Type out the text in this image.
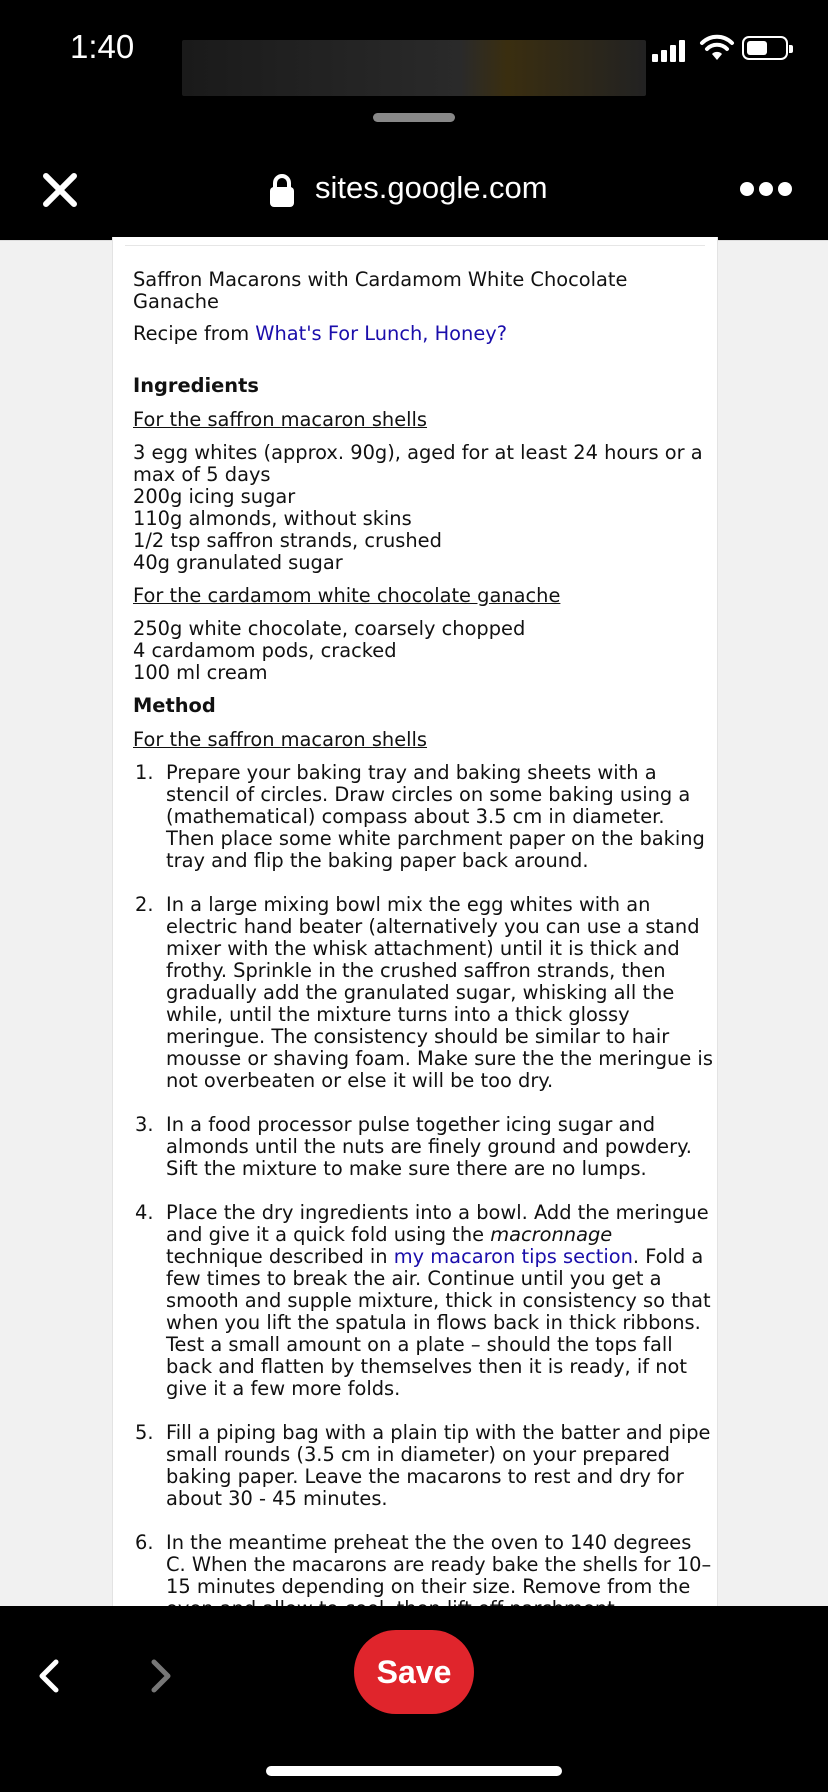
1:40
sites.google.com

Saffron Macarons with Cardamom White Chocolate Ganache

Recipe from What's For Lunch, Honey?

Ingredients

For the saffron macaron shells

3 egg whites (approx. 90g), aged for at least 24 hours or a
max of 5 days
200g icing sugar
110g almonds, without skins
1/2 tsp saffron strands, crushed
40g granulated sugar

For the cardamom white chocolate ganache

250g white chocolate, coarsely chopped
4 cardamom pods, cracked
100 ml cream

Method

For the saffron macaron shells

1. Prepare your baking tray and baking sheets with a stencil of circles. Draw circles on some baking using a (mathematical) compass about 3.5 cm in diameter. Then place some white parchment paper on the baking tray and flip the baking paper back around.
2. In a large mixing bowl mix the egg whites with an electric hand beater (alternatively you can use a stand mixer with the whisk attachment) until it is thick and frothy. Sprinkle in the crushed saffron strands, then gradually add the granulated sugar, whisking all the while, until the mixture turns into a thick glossy meringue. The consistency should be similar to hair mousse or shaving foam. Make sure the the meringue is not overbeaten or else it will be too dry.
3. In a food processor pulse together icing sugar and almonds until the nuts are finely ground and powdery. Sift the mixture to make sure there are no lumps.
4. Place the dry ingredients into a bowl. Add the meringue and give it a quick fold using the macronnage technique described in my macaron tips section. Fold a few times to break the air. Continue until you get a smooth and supple mixture, thick in consistency so that when you lift the spatula in flows back in thick ribbons. Test a small amount on a plate – should the tops fall back and flatten by themselves then it is ready, if not give it a few more folds.
5. Fill a piping bag with a plain tip with the batter and pipe small rounds (3.5 cm in diameter) on your prepared baking paper. Leave the macarons to rest and dry for about 30 - 45 minutes.
6. In the meantime preheat the the oven to 140 degrees C. When the macarons are ready bake the shells for 10–15 minutes depending on their size. Remove from the
Save
